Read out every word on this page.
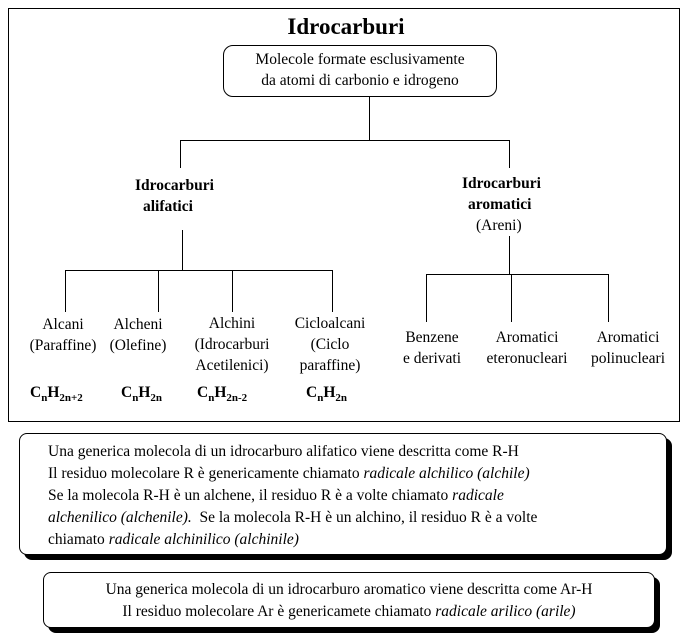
Idrocarburi
Molecole formate esclusivamente
da atomi di carbonio e idrogeno
Idrocarburi
alifatici
Idrocarburi
aromatici
(Areni)
Alcani
(Paraffine)
Alcheni
(Olefine)
Alchini
(Idrocarburi
Acetilenici)
Cicloalcani
(Ciclo
paraffine)
$C_nH_{2n+2}$ $C_nH_{2n}$ $C_nH_{2n-2}$	$C_nH_{2n}$
Benzene
e derivati
Aromatici
eteronucleari
Aromatici
polinucleari

Una generica molecola di un idrocarburo alifatico viene descritta come R-H

Il residuo molecolare R è genericamente chiamato radicale alchilico (alchile)

Se la molecola R-H è un alchene, il residuo R è a volte chiamato radicale

alchenilico (alchenile).  Se la molecola R-H è un alchino, il residuo R è a volte

chiamato radicale alchinilico (alchinile)

Una generica molecola di un idrocarburo aromatico viene descritta come Ar-H

Il residuo molecolare Ar è genericamete chiamato radicale arilico (arile)
